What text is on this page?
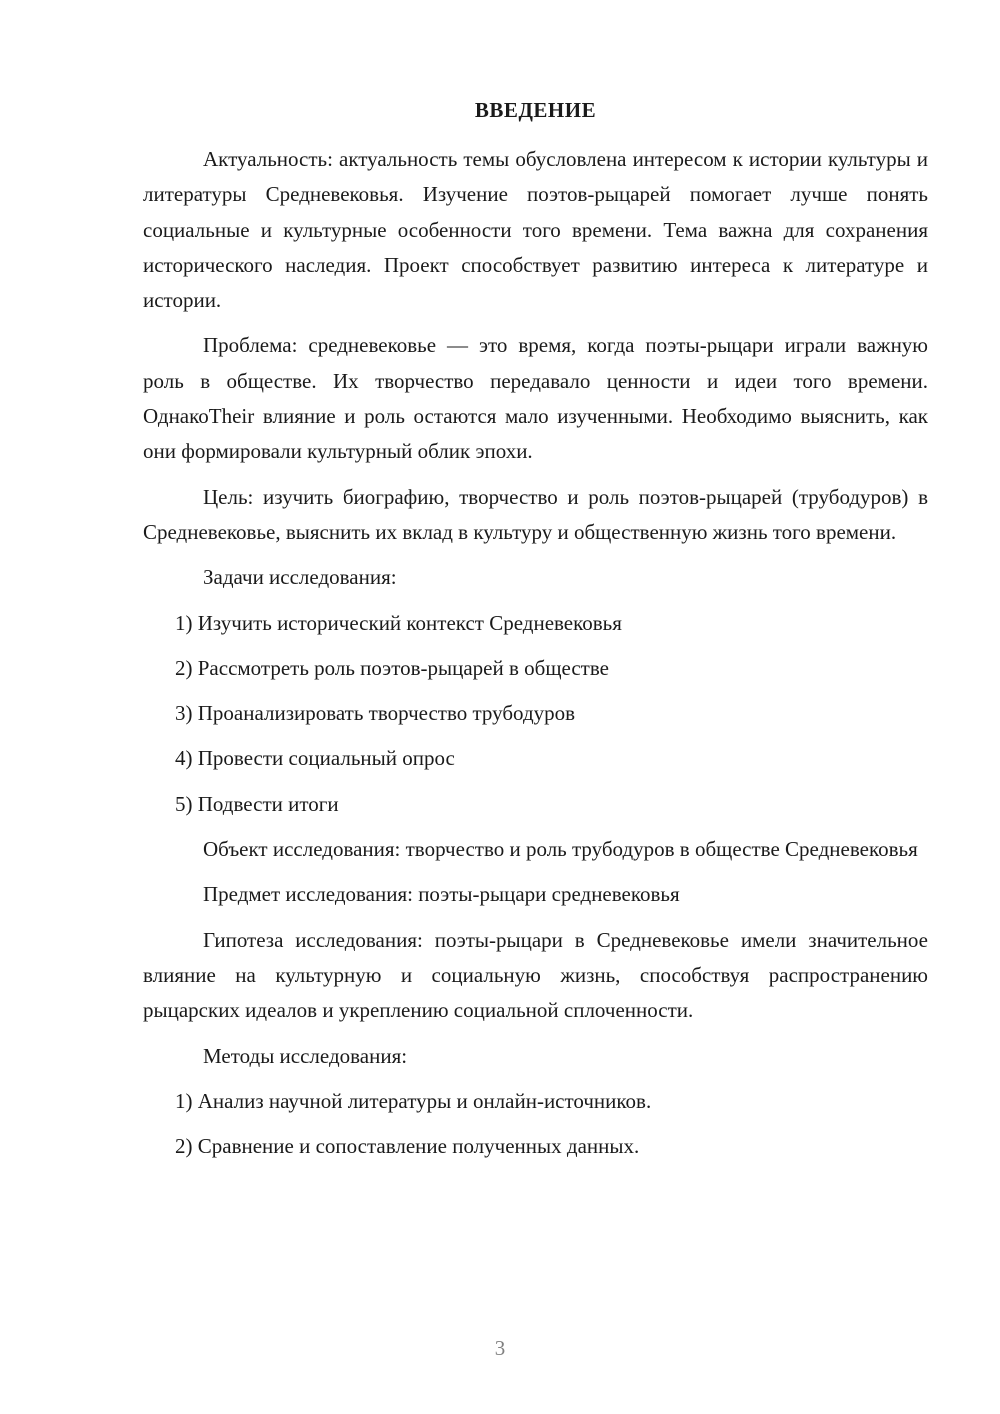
ВВЕДЕНИЕ

Актуальность: актуальность темы обусловлена интересом к истории культуры и литературы Средневековья. Изучение поэтов-рыцарей помогает лучше понять социальные и культурные особенности того времени. Тема важна для сохранения исторического наследия. Проект способствует развитию интереса к литературе и истории.

Проблема: средневековье — это время, когда поэты-рыцари играли важную роль в обществе. Их творчество передавало ценности и идеи того времени. ОднакоTheir влияние и роль остаются мало изученными. Необходимо выяснить, как они формировали культурный облик эпохи.

Цель: изучить биографию, творчество и роль поэтов-рыцарей (трубодуров) в Средневековье, выяснить их вклад в культуру и общественную жизнь того времени.

Задачи исследования:

1) Изучить исторический контекст Средневековья

2) Рассмотреть роль поэтов-рыцарей в обществе

3) Проанализировать творчество трубодуров

4) Провести социальный опрос

5) Подвести итоги

Объект исследования: творчество и роль трубодуров в обществе Средневековья

Предмет исследования: поэты-рыцари средневековья

Гипотеза исследования: поэты-рыцари в Средневековье имели значительное влияние на культурную и социальную жизнь, способствуя распространению рыцарских идеалов и укреплению социальной сплоченности.

Методы исследования:

1) Анализ научной литературы и онлайн-источников.

2) Сравнение и сопоставление полученных данных.

3
